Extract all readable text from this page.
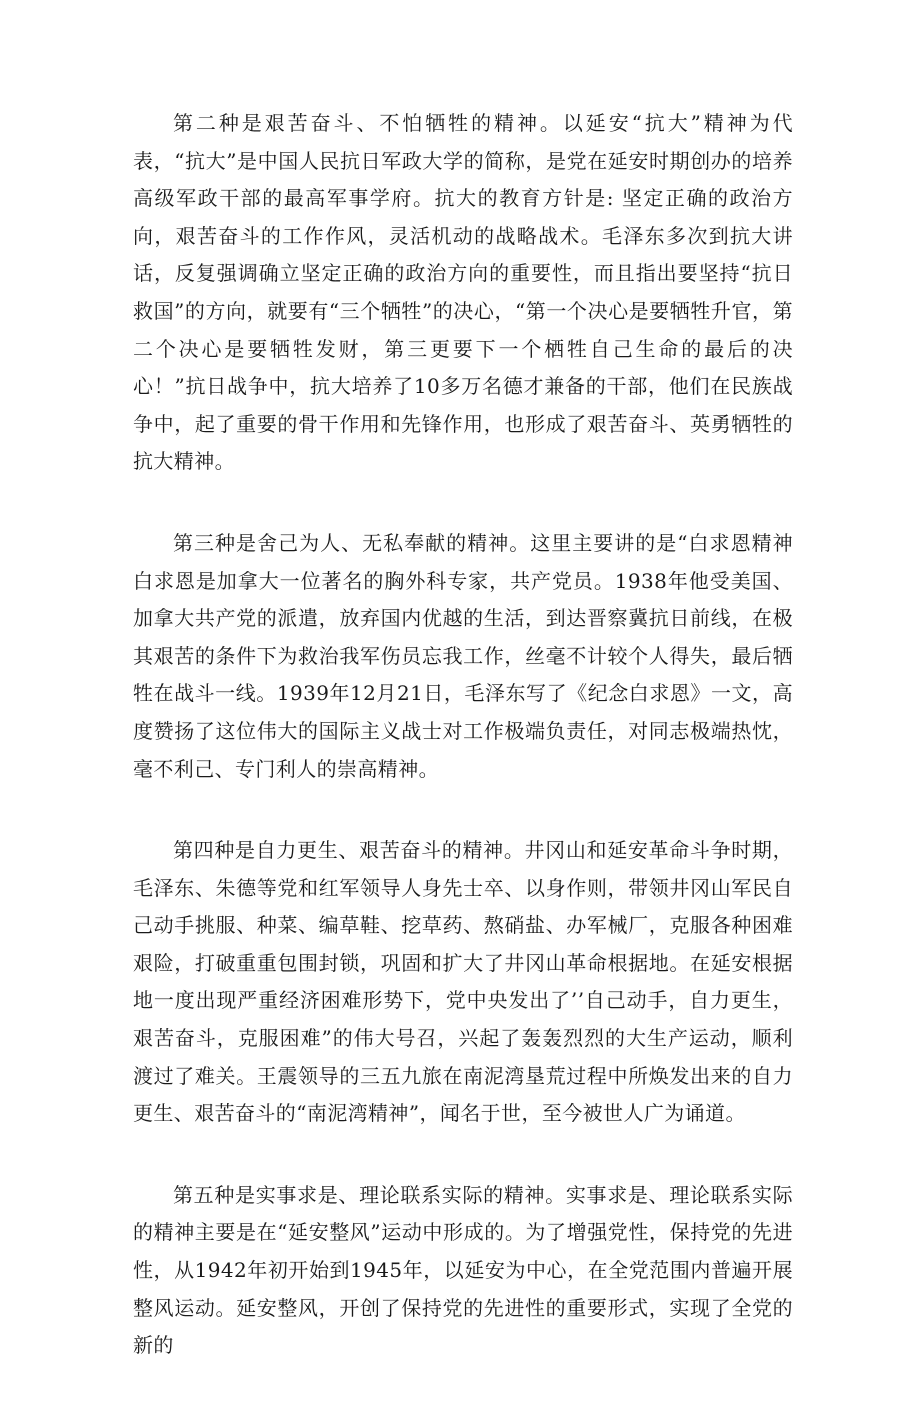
第二种是艰苦奋斗、不怕牺牲的精神。以延安“抗大”精神为代表，“抗大”是中国人民抗日军政大学的简称，是党在延安时期创办的培养高级军政干部的最高军事学府。抗大的教育方针是: 坚定正确的政治方向，艰苦奋斗的工作作风，灵活机动的战略战术。毛泽东多次到抗大讲话，反复强调确立坚定正确的政治方向的重要性，而且指出要坚持“抗日救国”的方向，就要有“三个牺牲”的决心，“第一个决心是要牺牲升官，第二个决心是要牺牲发财，第三更要下一个栖牲自己生命的最后的决心！”抗日战争中，抗大培养了10多万名德才兼备的干部，他们在民族战争中，起了重要的骨干作用和先锋作用，也形成了艰苦奋斗、英勇牺牲的抗大精神。

第三种是舍己为人、无私奉献的精神。这里主要讲的是“白求恩精神白求恩是加拿大一位著名的胸外科专家，共产党员。1938年他受美国、加拿大共产党的派遣，放弃国内优越的生活，到达晋察冀抗日前线，在极其艰苦的条件下为救治我军伤员忘我工作，丝毫不计较个人得失，最后牺牲在战斗一线。1939年12月21日，毛泽东写了《纪念白求恩》一文，高度赞扬了这位伟大的国际主义战士对工作极端负责任，对同志极端热忱，毫不利己、专门利人的崇高精神。

第四种是自力更生、艰苦奋斗的精神。井冈山和延安革命斗争时期，毛泽东、朱德等党和红军领导人身先士卒、以身作则，带领井冈山军民自己动手挑服、种菜、编草鞋、挖草药、熬硝盐、办军械厂，克服各种困难艰险，打破重重包围封锁，巩固和扩大了井冈山革命根据地。在延安根据地一度出现严重经济困难形势下，党中央发出了’’自己动手，自力更生，艰苦奋斗，克服困难”的伟大号召，兴起了轰轰烈烈的大生产运动，顺利渡过了难关。王震领导的三五九旅在南泥湾垦荒过程中所焕发出来的自力更生、艰苦奋斗的“南泥湾精神”，闻名于世，至今被世人广为诵道。

第五种是实事求是、理论联系实际的精神。实事求是、理论联系实际的精神主要是在“延安整风”运动中形成的。为了增强党性，保持党的先进性，从1942年初开始到1945年，以延安为中心，在全党范围内普遍开展整风运动。延安整风，开创了保持党的先进性的重要形式，实现了全党的新的
